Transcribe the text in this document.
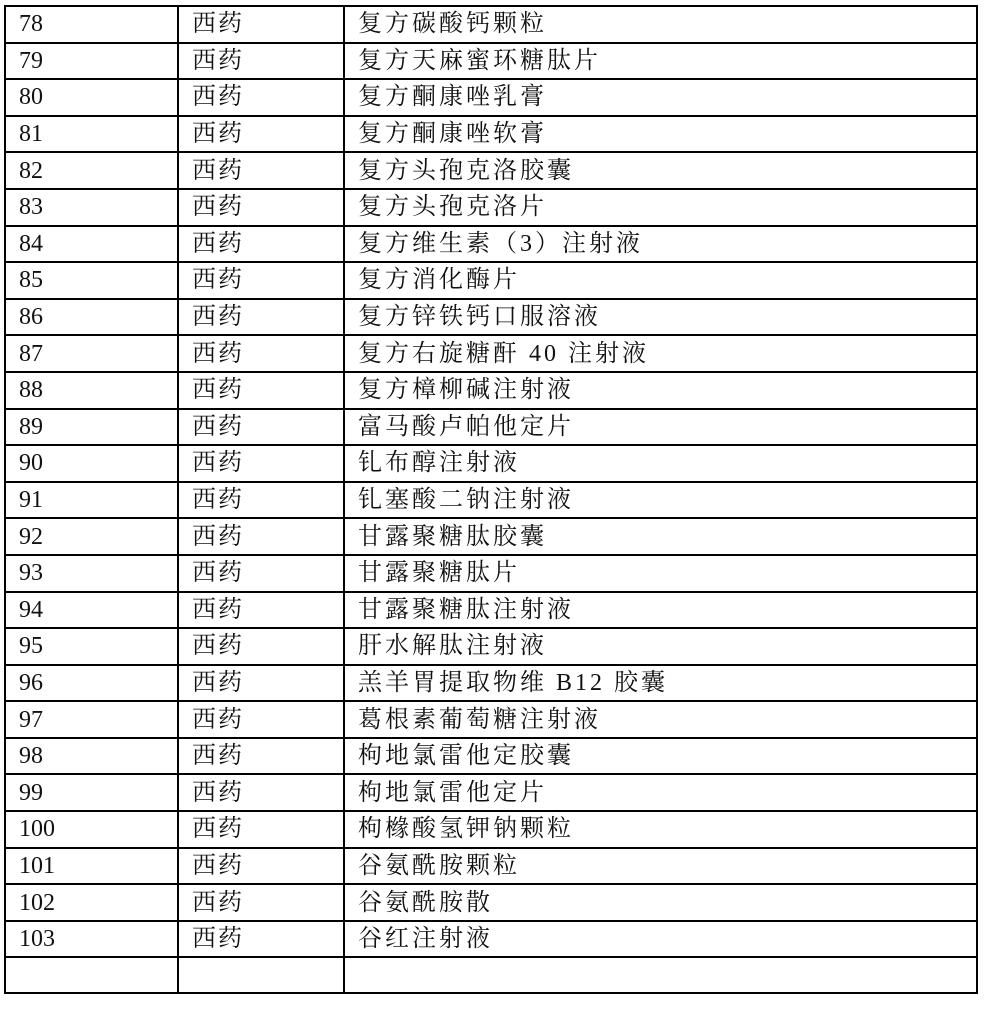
78	西药	复方碳酸钙颗粒
79	西药	复方天麻蜜环糖肽片
80	西药	复方酮康唑乳膏
81	西药	复方酮康唑软膏
82	西药	复方头孢克洛胶囊
83	西药	复方头孢克洛片
84	西药	复方维生素（3）注射液
85	西药	复方消化酶片
86	西药	复方锌铁钙口服溶液
87	西药	复方右旋糖酐 40 注射液
88	西药	复方樟柳碱注射液
89	西药	富马酸卢帕他定片
90	西药	钆布醇注射液
91	西药	钆塞酸二钠注射液
92	西药	甘露聚糖肽胶囊
93	西药	甘露聚糖肽片
94	西药	甘露聚糖肽注射液
95	西药	肝水解肽注射液
96	西药	羔羊胃提取物维 B12 胶囊
97	西药	葛根素葡萄糖注射液
98	西药	枸地氯雷他定胶囊
99	西药	枸地氯雷他定片
100	西药	枸橼酸氢钾钠颗粒
101	西药	谷氨酰胺颗粒
102	西药	谷氨酰胺散
103	西药	谷红注射液
